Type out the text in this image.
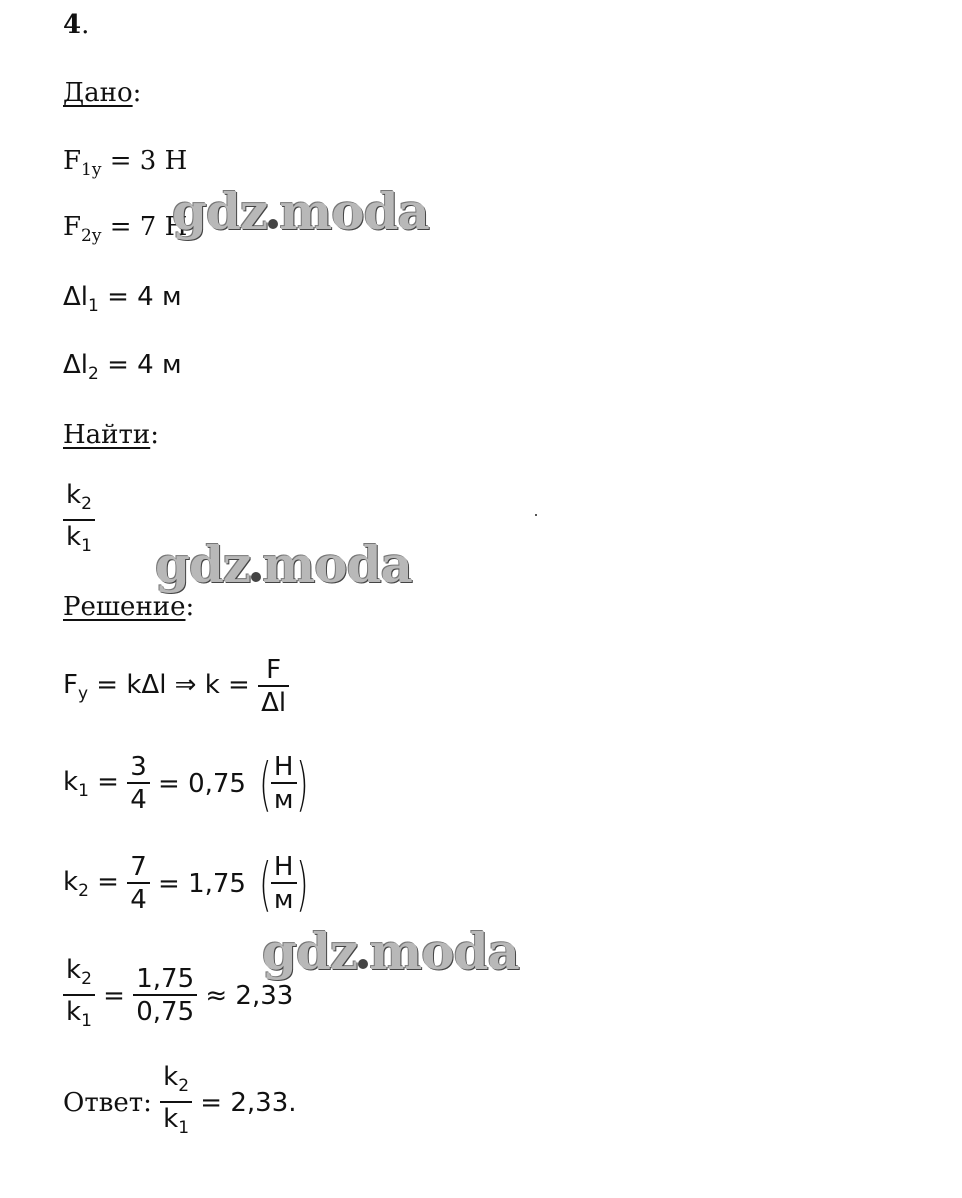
4.
Дано:
$F_{1y} = 3$ Н
$F_{2y} = 7$ Н
$\Delta l_1 = 4$ м
$\Delta l_2 = 4$ м
Найти:
$\frac{k_2}{k_1}$
Решение:
$F_y = k\Delta l$ ⇒ $k = \frac{F}{\Delta l}$
$k_1 = \frac{3}{4} = 0,75$ ( $\frac{Н}{м}$ )
$k_2 = \frac{7}{4} = 1,75$ ( $\frac{Н}{м}$ )
$\frac{k_2}{k_1} = \frac{1,75}{0,75} \approx 2,33$
Ответ: $\frac{k_2}{k_1} = 2,33$.
gdz moda
gdz moda
gdz moda
